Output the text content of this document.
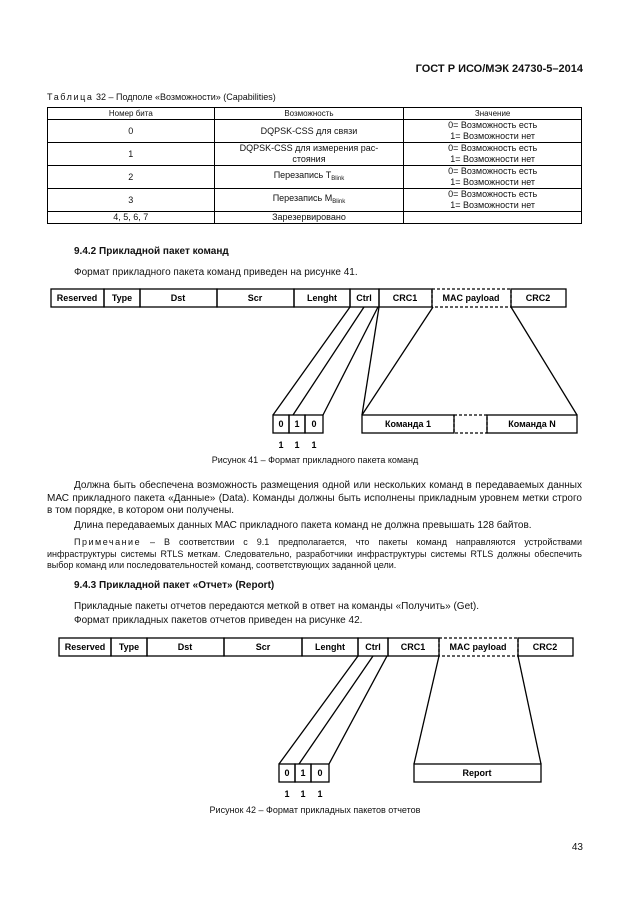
ГОСТ Р ИСО/МЭК 24730-5–2014
Таблица 32 – Подполе «Возможности» (Capabilities)
Номер бита	Возможность	Значение
0	DQPSK-CSS для связи	0= Возможность есть
1= Возможности нет
1	DQPSK-CSS для измерения рас-стояния	0= Возможность есть
1= Возможности нет
2	Перезапись $T_{Blink}$	0= Возможность есть
1= Возможности нет
3	Перезапись $M_{Blink}$	0= Возможность есть
1= Возможности нет
4, 5, 6, 7	Зарезервировано	
9.4.2 Прикладной пакет команд
Формат прикладного пакета команд приведен на рисунке 41.
Reserved Type	Dst	Scr	Lenght Ctrl CRC1	MAC payload	CRC2
0 1 0	Команда 1	Команда N
1 1 1
Рисунок 41 – Формат прикладного пакета команд
Должна быть обеспечена возможность размещения одной или нескольких команд в передаваемых данных МАС прикладного пакета «Данные» (Data). Команды должны быть исполнены прикладным уровнем метки строго в том порядке, в котором они получены.
Длина передаваемых данных МАС прикладного пакета команд не должна превышать 128 байтов.
Примечание – В соответствии с 9.1 предполагается, что пакеты команд направляются устройствами инфраструктуры системы RTLS меткам. Следовательно, разработчики инфраструктуры системы RTLS должны обеспечить выбор команд или последовательностей команд, соответствующих заданной цели.
9.4.3 Прикладной пакет «Отчет» (Report)
Прикладные пакеты отчетов передаются меткой в ответ на команды «Получить» (Get).
Формат прикладных пакетов отчетов приведен на рисунке 42.
Reserved Type	Dst	Scr	Lenght Ctrl CRC1	MAC payload	CRC2
0 1 0	Report
1 1 1
Рисунок 42 – Формат прикладных пакетов отчетов
43
